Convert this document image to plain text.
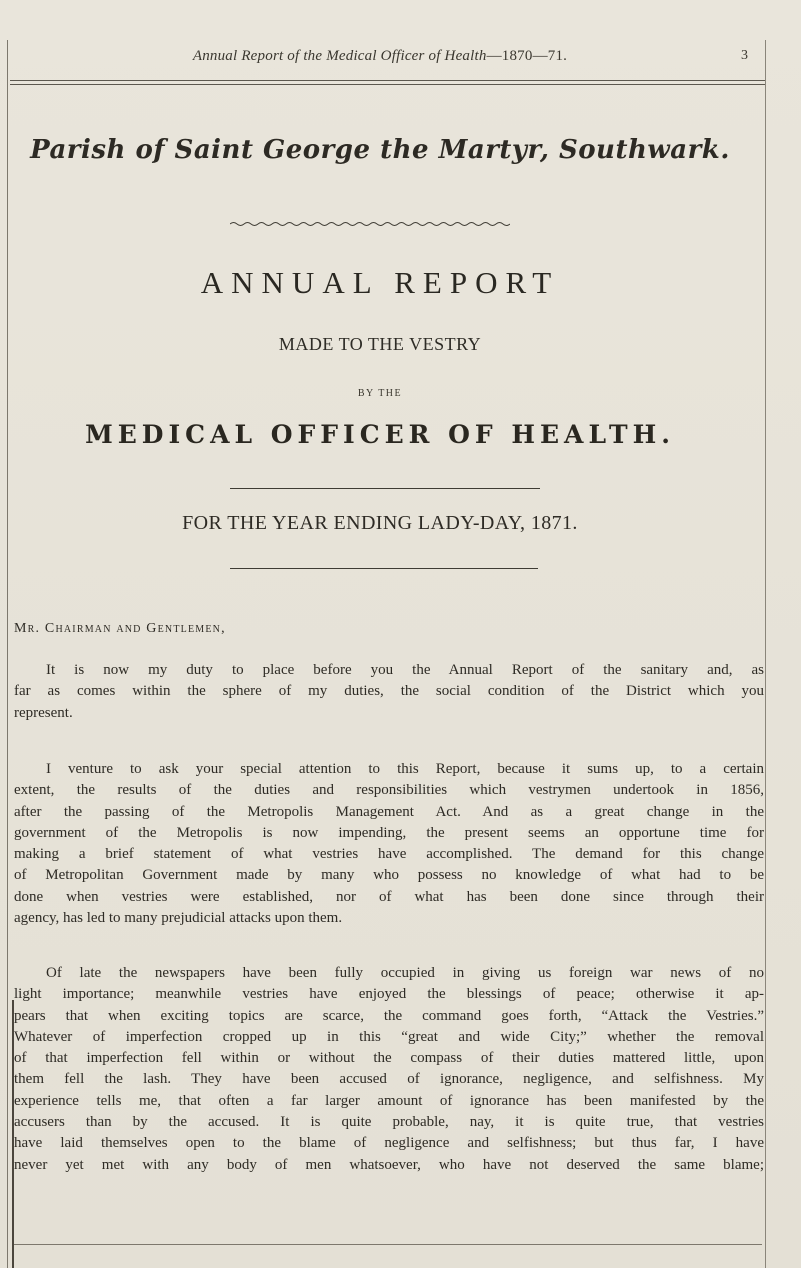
Annual Report of the Medical Officer of Health—1870—71.	3
Parish of Saint George the Martyr, Southwark.
ANNUAL REPORT
MADE TO THE VESTRY
BY THE
MEDICAL OFFICER OF HEALTH.
FOR THE YEAR ENDING LADY-DAY, 1871.
Mr. Chairman and Gentlemen,
It is now my duty to place before you the Annual Report of the sanitary and, as
far as comes within the sphere of my duties, the social condition of the District which you
represent.
I venture to ask your special attention to this Report, because it sums up, to a certain
extent, the results of the duties and responsibilities which vestrymen undertook in 1856,
after the passing of the Metropolis Management Act. And as a great change in the
government of the Metropolis is now impending, the present seems an opportune time for
making a brief statement of what vestries have accomplished. The demand for this change
of Metropolitan Government made by many who possess no knowledge of what had to be
done when vestries were established, nor of what has been done since through their
agency, has led to many prejudicial attacks upon them.
Of late the newspapers have been fully occupied in giving us foreign war news of no
light importance; meanwhile vestries have enjoyed the blessings of peace; otherwise it ap-
pears that when exciting topics are scarce, the command goes forth, “Attack the Vestries.”
Whatever of imperfection cropped up in this “great and wide City;” whether the removal
of that imperfection fell within or without the compass of their duties mattered little, upon
them fell the lash. They have been accused of ignorance, negligence, and selfishness. My
experience tells me, that often a far larger amount of ignorance has been manifested by the
accusers than by the accused. It is quite probable, nay, it is quite true, that vestries
have laid themselves open to the blame of negligence and selfishness; but thus far, I have
never yet met with any body of men whatsoever, who have not deserved the same blame;
